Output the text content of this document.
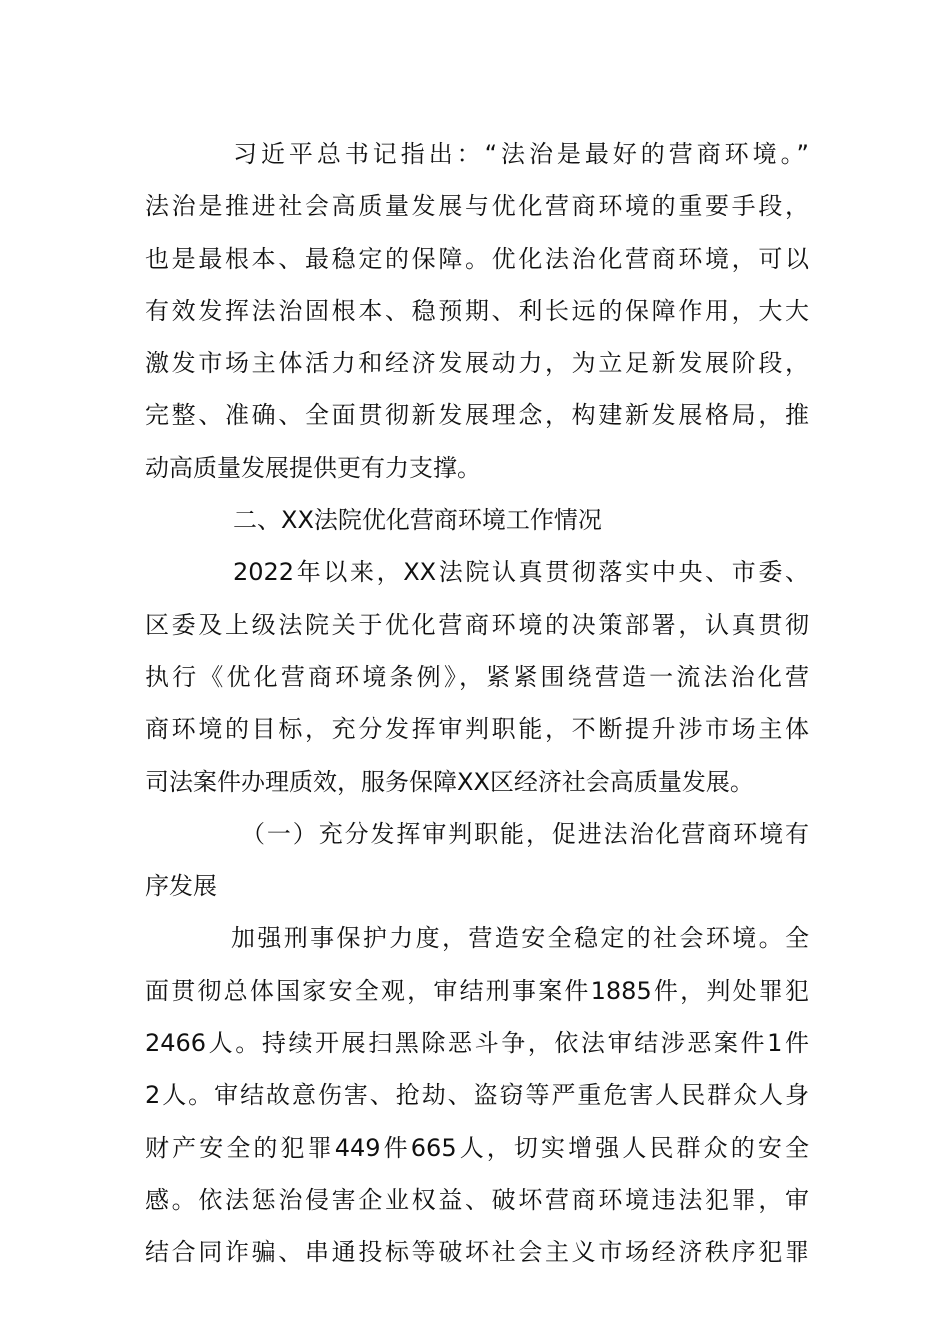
习近平总书记指出：“法治是最好的营商环境。”
法治是推进社会高质量发展与优化营商环境的重要手段，
也是最根本、最稳定的保障。优化法治化营商环境，可以
有效发挥法治固根本、稳预期、利长远的保障作用，大大
激发市场主体活力和经济发展动力，为立足新发展阶段，
完整、准确、全面贯彻新发展理念，构建新发展格局，推
动高质量发展提供更有力支撑。
二、XX法院优化营商环境工作情况
2022年以来，XX法院认真贯彻落实中央、市委、
区委及上级法院关于优化营商环境的决策部署，认真贯彻
执行《优化营商环境条例》，紧紧围绕营造一流法治化营
商环境的目标，充分发挥审判职能，不断提升涉市场主体
司法案件办理质效，服务保障XX区经济社会高质量发展。
（一）充分发挥审判职能，促进法治化营商环境有
序发展
加强刑事保护力度，营造安全稳定的社会环境。全
面贯彻总体国家安全观，审结刑事案件1885件，判处罪犯
2466人。持续开展扫黑除恶斗争，依法审结涉恶案件1件
2人。审结故意伤害、抢劫、盗窃等严重危害人民群众人身
财产安全的犯罪449件665人，切实增强人民群众的安全
感。依法惩治侵害企业权益、破坏营商环境违法犯罪，审
结合同诈骗、串通投标等破坏社会主义市场经济秩序犯罪
